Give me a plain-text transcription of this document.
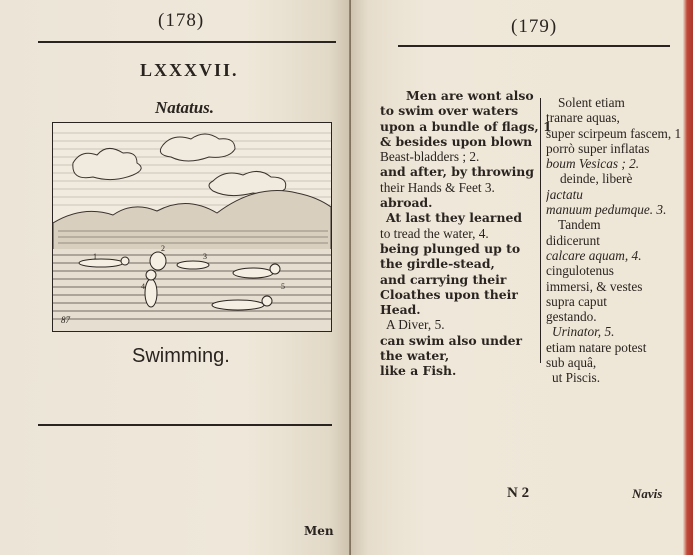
(178)
LXXXVII.
Natatus.
87
1
2
3
4	5
Swimming.
Men
(179)
Men are wont also
to swim over waters
upon a bundle of flags, 1
& besides upon blown
Beast-bladders ; 2.
and after, by throwing
their Hands & Feet 3.
abroad.
At last they learned
to tread the water, 4.
being plunged up to
the girdle-stead,
and carrying their
Cloathes upon their
Head.
A Diver, 5.
can swim also under
the water,
like a Fish.
Solent etiam
tranare aquas,
super scirpeum fascem, 1
porrò super inflatas
boum Vesicas ; 2.
deinde, liberè
jactatu
manuum pedumque. 3.
Tandem
didicerunt
calcare aquam, 4.
cingulotenus
immersi, & vestes
supra caput
gestando.
Urinator, 5.
etiam natare potest
sub aquâ,
ut Piscis.
N 2	Navis
